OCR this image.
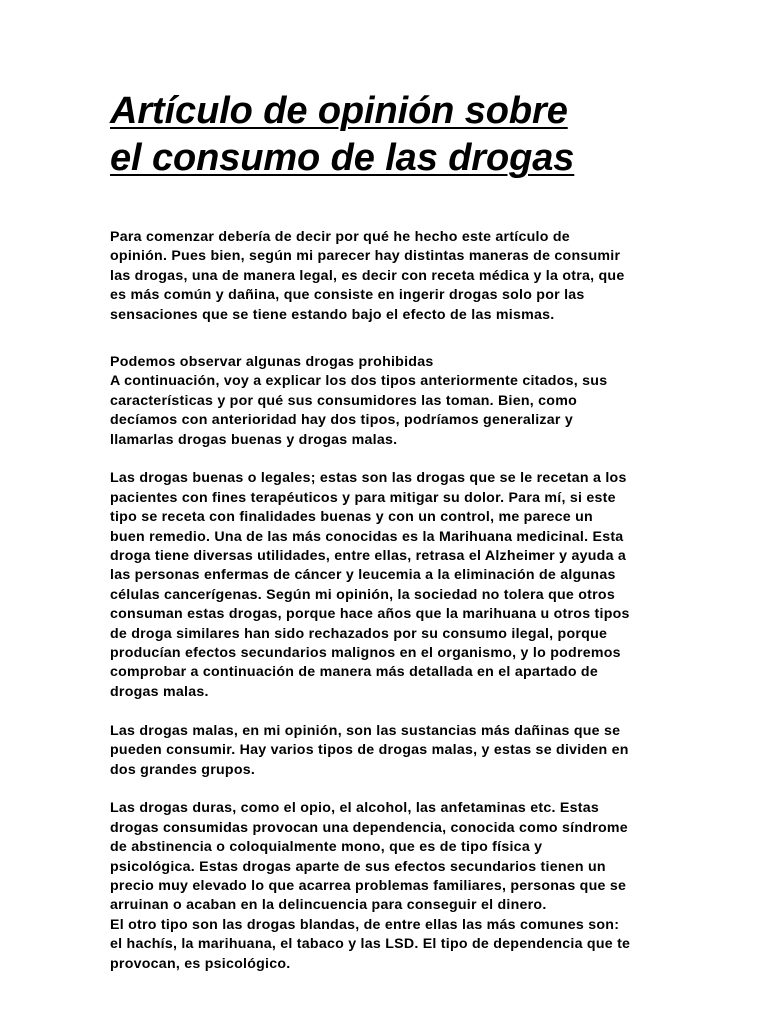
Artículo de opinión sobre
el consumo de las drogas

Para comenzar debería de decir por qué he hecho este artículo de
opinión. Pues bien, según mi parecer hay distintas maneras de consumir
las drogas, una de manera legal, es decir con receta médica y la otra, que
es más común y dañina, que consiste en ingerir drogas solo por las
sensaciones que se tiene estando bajo el efecto de las mismas.

Podemos observar algunas drogas prohibidas
A continuación, voy a explicar los dos tipos anteriormente citados, sus
características y por qué sus consumidores las toman. Bien, como
decíamos con anterioridad hay dos tipos, podríamos generalizar y
llamarlas drogas buenas y drogas malas.

Las drogas buenas o legales; estas son las drogas que se le recetan a los
pacientes con fines terapéuticos y para mitigar su dolor. Para mí, si este
tipo se receta con finalidades buenas y con un control, me parece un
buen remedio. Una de las más conocidas es la Marihuana medicinal. Esta
droga tiene diversas utilidades, entre ellas, retrasa el Alzheimer y ayuda a
las personas enfermas de cáncer y leucemia a la eliminación de algunas
células cancerígenas. Según mi opinión, la sociedad no tolera que otros
consuman estas drogas, porque hace años que la marihuana u otros tipos
de droga similares han sido rechazados por su consumo ilegal, porque
producían efectos secundarios malignos en el organismo, y lo podremos
comprobar a continuación de manera más detallada en el apartado de
drogas malas.

Las drogas malas, en mi opinión, son las sustancias más dañinas que se
pueden consumir. Hay varios tipos de drogas malas, y estas se dividen en
dos grandes grupos.

Las drogas duras, como el opio, el alcohol, las anfetaminas etc. Estas
drogas consumidas provocan una dependencia, conocida como síndrome
de abstinencia o coloquialmente mono, que es de tipo física y
psicológica. Estas drogas aparte de sus efectos secundarios tienen un
precio muy elevado lo que acarrea problemas familiares, personas que se
arruinan o acaban en la delincuencia para conseguir el dinero.
El otro tipo son las drogas blandas, de entre ellas las más comunes son:
el hachís, la marihuana, el tabaco y las LSD. El tipo de dependencia que te
provocan, es psicológico.
